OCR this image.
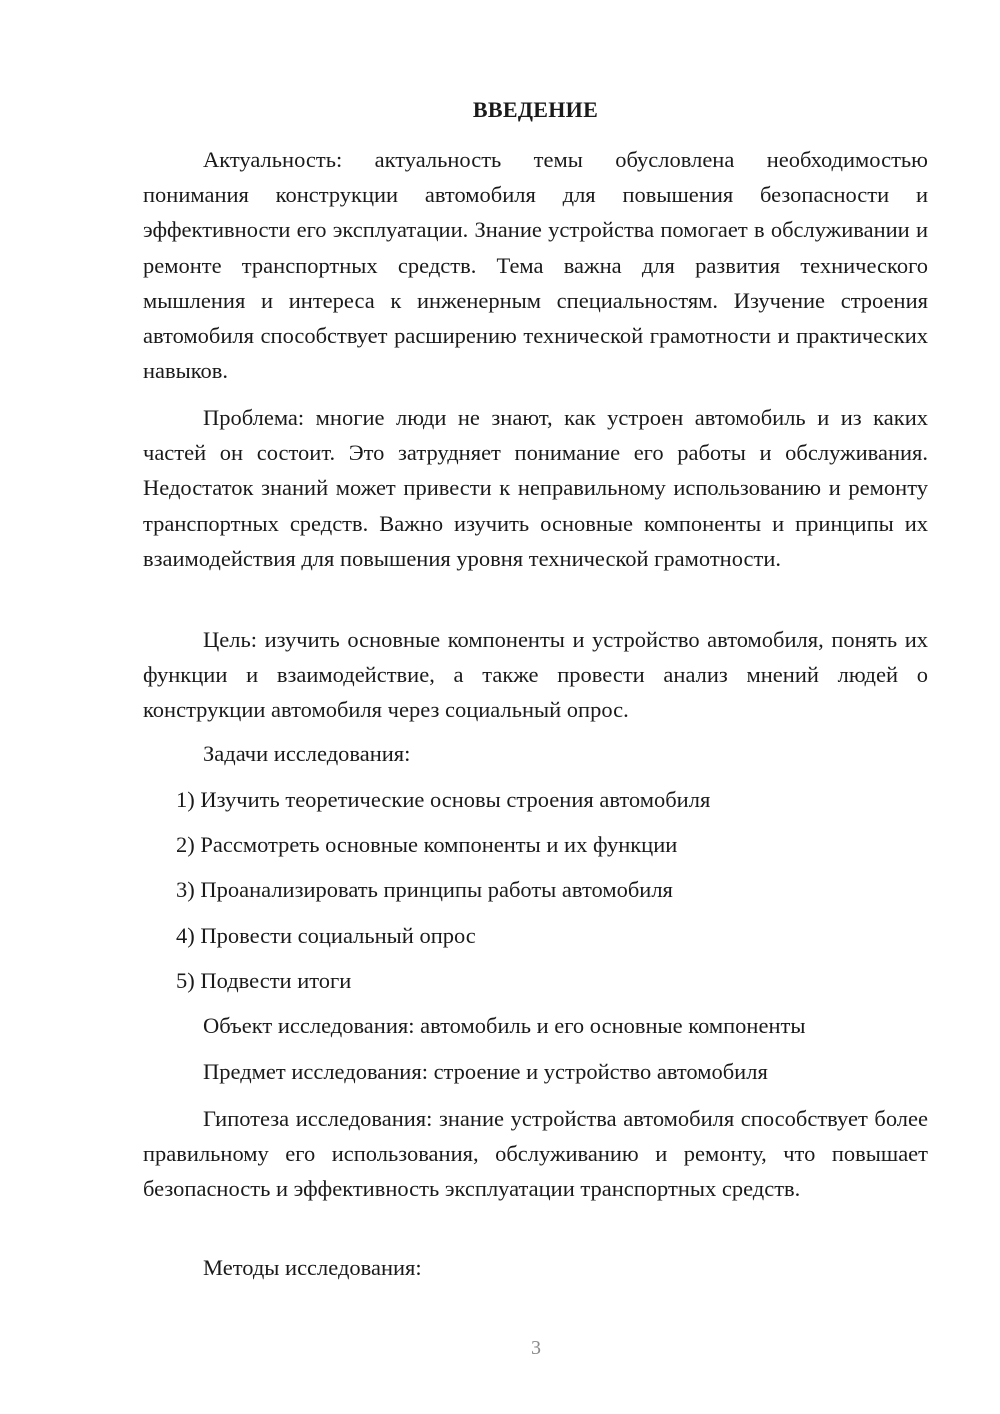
ВВЕДЕНИЕ

Актуальность: актуальность темы обусловлена необходимостью понимания конструкции автомобиля для повышения безопасности и эффективности его эксплуатации. Знание устройства помогает в обслуживании и ремонте транспортных средств. Тема важна для развития технического мышления и интереса к инженерным специальностям. Изучение строения автомобиля способствует расширению технической грамотности и практических навыков.

Проблема: многие люди не знают, как устроен автомобиль и из каких частей он состоит. Это затрудняет понимание его работы и обслуживания. Недостаток знаний может привести к неправильному использованию и ремонту транспортных средств. Важно изучить основные компоненты и принципы их взаимодействия для повышения уровня технической грамотности.

Цель: изучить основные компоненты и устройство автомобиля, понять их функции и взаимодействие, а также провести анализ мнений людей о конструкции автомобиля через социальный опрос.

Задачи исследования:
1) Изучить теоретические основы строения автомобиля
2) Рассмотреть основные компоненты и их функции
3) Проанализировать принципы работы автомобиля
4) Провести социальный опрос
5) Подвести итоги
Объект исследования: автомобиль и его основные компоненты
Предмет исследования: строение и устройство автомобиля

Гипотеза исследования: знание устройства автомобиля способствует более правильному его использования, обслуживанию и ремонту, что повышает безопасность и эффективность эксплуатации транспортных средств.

Методы исследования:
3
